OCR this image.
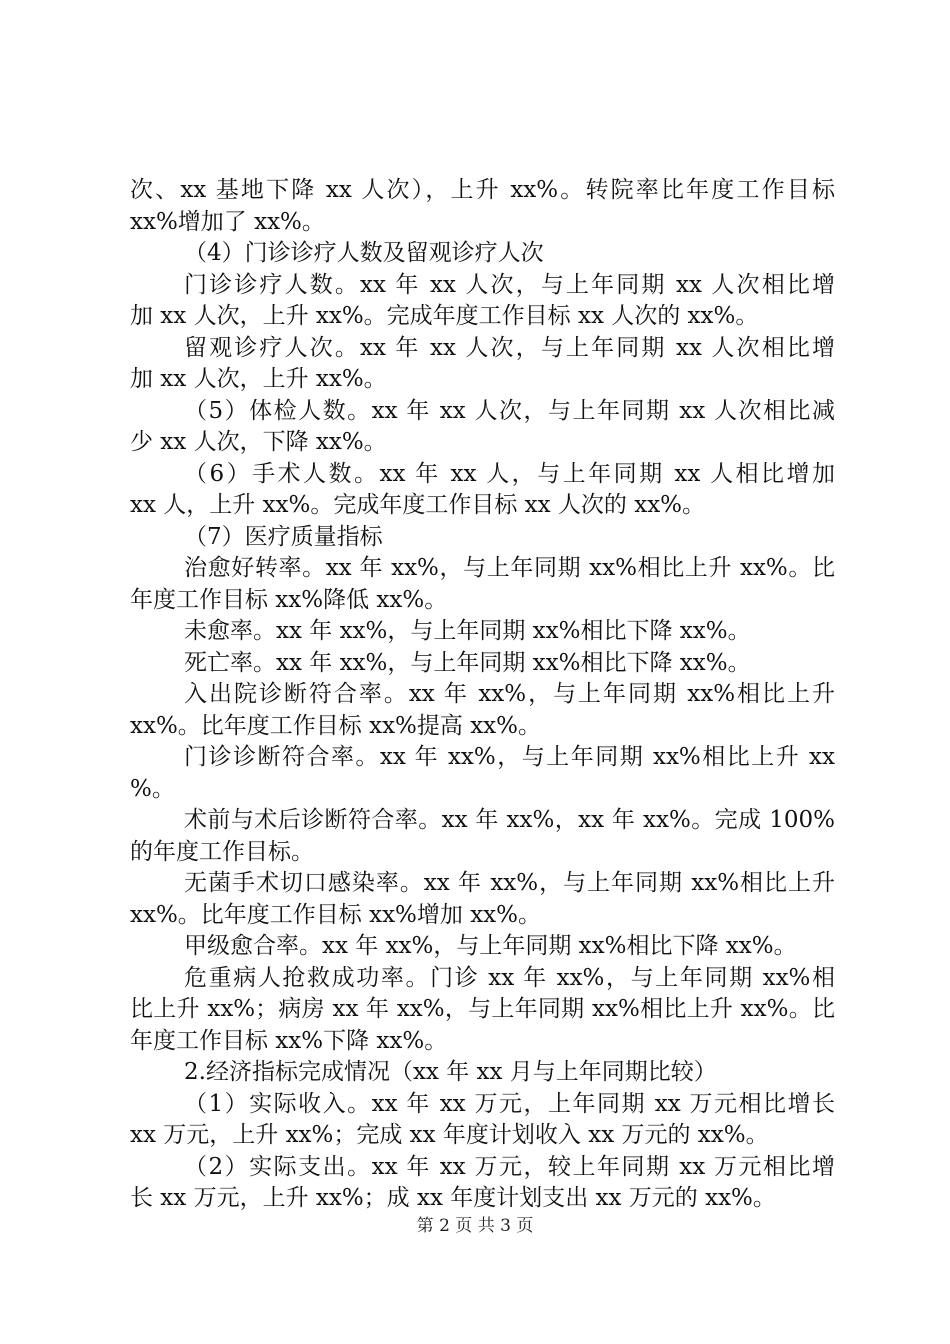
次、xx 基地下降 xx 人次），上升 xx%。转院率比年度工作目标
xx%增加了 xx%。
（4）门诊诊疗人数及留观诊疗人次
门诊诊疗人数。xx 年 xx 人次，与上年同期 xx 人次相比增
加 xx 人次，上升 xx%。完成年度工作目标 xx 人次的 xx%。
留观诊疗人次。xx 年 xx 人次，与上年同期 xx 人次相比增
加 xx 人次，上升 xx%。
（5）体检人数。xx 年 xx 人次，与上年同期 xx 人次相比减
少 xx 人次，下降 xx%。
（6）手术人数。xx 年 xx 人，与上年同期 xx 人相比增加
xx 人，上升 xx%。完成年度工作目标 xx 人次的 xx%。
（7）医疗质量指标
治愈好转率。xx 年 xx%，与上年同期 xx%相比上升 xx%。比
年度工作目标 xx%降低 xx%。
未愈率。xx 年 xx%，与上年同期 xx%相比下降 xx%。
死亡率。xx 年 xx%，与上年同期 xx%相比下降 xx%。
入出院诊断符合率。xx 年 xx%，与上年同期 xx%相比上升
xx%。比年度工作目标 xx%提高 xx%。
门诊诊断符合率。xx 年 xx%，与上年同期 xx%相比上升 xx
%。
术前与术后诊断符合率。xx 年 xx%，xx 年 xx%。完成 100%
的年度工作目标。
无菌手术切口感染率。xx 年 xx%，与上年同期 xx%相比上升
xx%。比年度工作目标 xx%增加 xx%。
甲级愈合率。xx 年 xx%，与上年同期 xx%相比下降 xx%。
危重病人抢救成功率。门诊 xx 年 xx%，与上年同期 xx%相
比上升 xx%；病房 xx 年 xx%，与上年同期 xx%相比上升 xx%。比
年度工作目标 xx%下降 xx%。
2.经济指标完成情况（xx 年 xx 月与上年同期比较）
（1）实际收入。xx 年 xx 万元，上年同期 xx 万元相比增长
xx 万元，上升 xx%；完成 xx 年度计划收入 xx 万元的 xx%。
（2）实际支出。xx 年 xx 万元，较上年同期 xx 万元相比增
长 xx 万元，上升 xx%；成 xx 年度计划支出 xx 万元的 xx%。
第 2 页 共 3 页
